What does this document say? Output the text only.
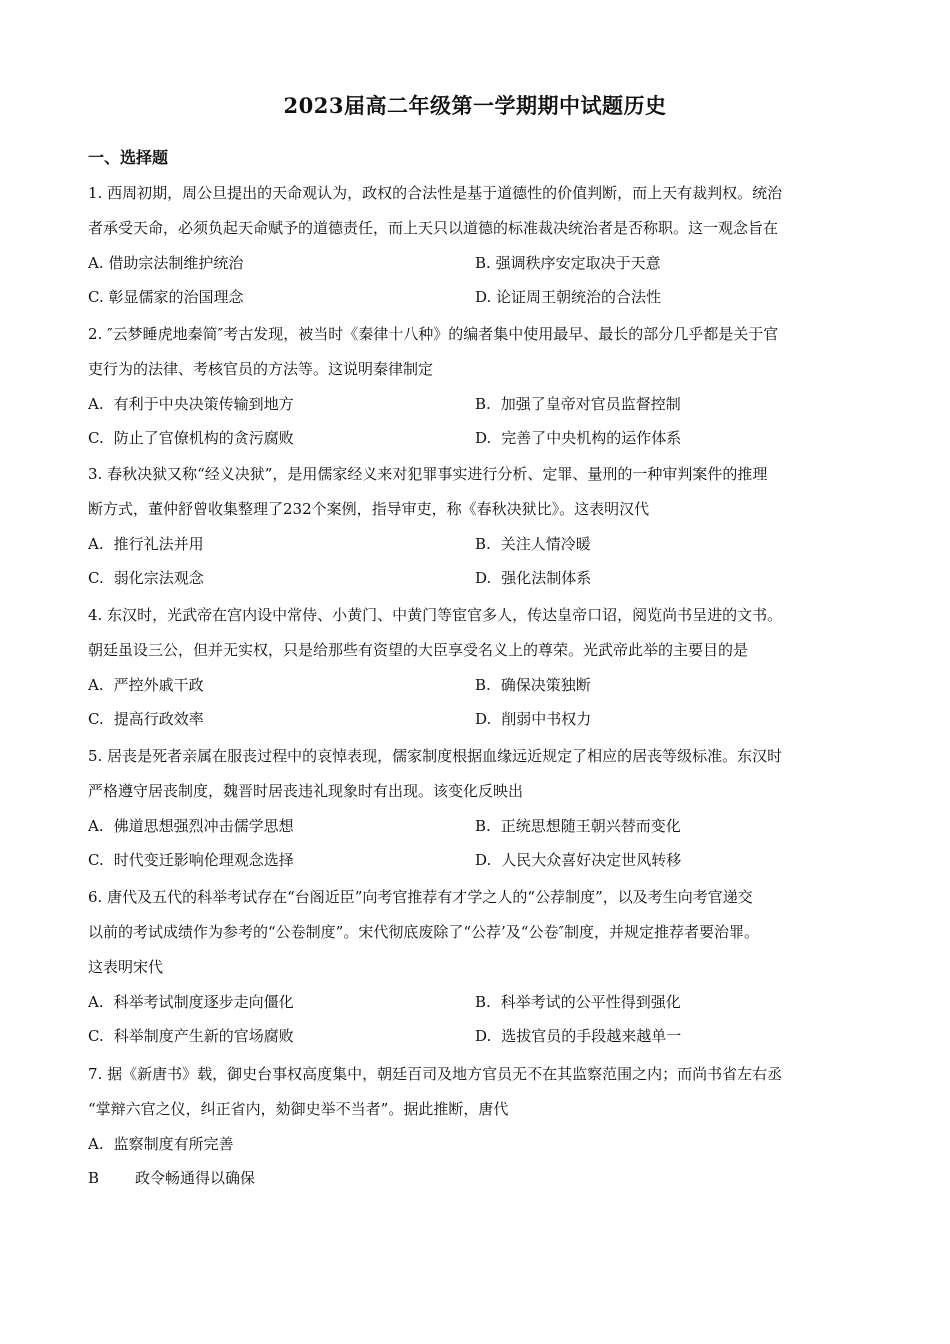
2023届高二年级第一学期期中试题历史
一、选择题

1. 西周初期，周公旦提出的天命观认为，政权的合法性是基于道德性的价值判断，而上天有裁判权。统治

者承受天命，必须负起天命赋予的道德责任，而上天只以道德的标准裁决统治者是否称职。这一观念旨在

A. 借助宗法制维护统治	B. 强调秩序安定取决于天意
C. 彰显儒家的治国理念	D. 论证周王朝统治的合法性

2. ″云梦睡虎地秦简″考古发现，被当时《秦律十八种》的编者集中使用最早、最长的部分几乎都是关于官

吏行为的法律、考核官员的方法等。这说明秦律制定

A. 有利于中央决策传输到地方	B. 加强了皇帝对官员监督控制
C. 防止了官僚机构的贪污腐败	D. 完善了中央机构的运作体系

3. 春秋决狱又称“经义决狱”，是用儒家经义来对犯罪事实进行分析、定罪、量刑的一种审判案件的推理

断方式，董仲舒曾收集整理了232个案例，指导审吏，称《春秋决狱比》。这表明汉代

A. 推行礼法并用	B. 关注人情冷暖
C. 弱化宗法观念	D. 强化法制体系

4. 东汉时，光武帝在宫内设中常侍、小黄门、中黄门等宦官多人，传达皇帝口诏，阅览尚书呈进的文书。

朝廷虽设三公，但并无实权，只是给那些有资望的大臣享受名义上的尊荣。光武帝此举的主要目的是

A. 严控外戚干政	B. 确保决策独断
C. 提高行政效率	D. 削弱中书权力

5. 居丧是死者亲属在服丧过程中的哀悼表现，儒家制度根据血缘远近规定了相应的居丧等级标准。东汉时

严格遵守居丧制度，魏晋时居丧违礼现象时有出现。该变化反映出

A. 佛道思想强烈冲击儒学思想	B. 正统思想随王朝兴替而变化
C. 时代变迁影响伦理观念选择	D. 人民大众喜好决定世风转移

6. 唐代及五代的科举考试存在“台阁近臣”向考官推荐有才学之人的“公荐制度”，以及考生向考官递交

以前的考试成绩作为参考的“公卷制度”。宋代彻底废除了“公荐’及“公卷″制度，并规定推荐者要治罪。

这表明宋代

A. 科举考试制度逐步走向僵化	B. 科举考试的公平性得到强化
C. 科举制度产生新的官场腐败	D. 选拔官员的手段越来越单一

7. 据《新唐书》载，御史台事权高度集中，朝廷百司及地方官员无不在其监察范围之内；而尚书省左右丞

“掌辩六官之仪，纠正省内，劾御史举不当者”。据此推断，唐代

A. 监察制度有所完善
B 政令畅通得以确保
